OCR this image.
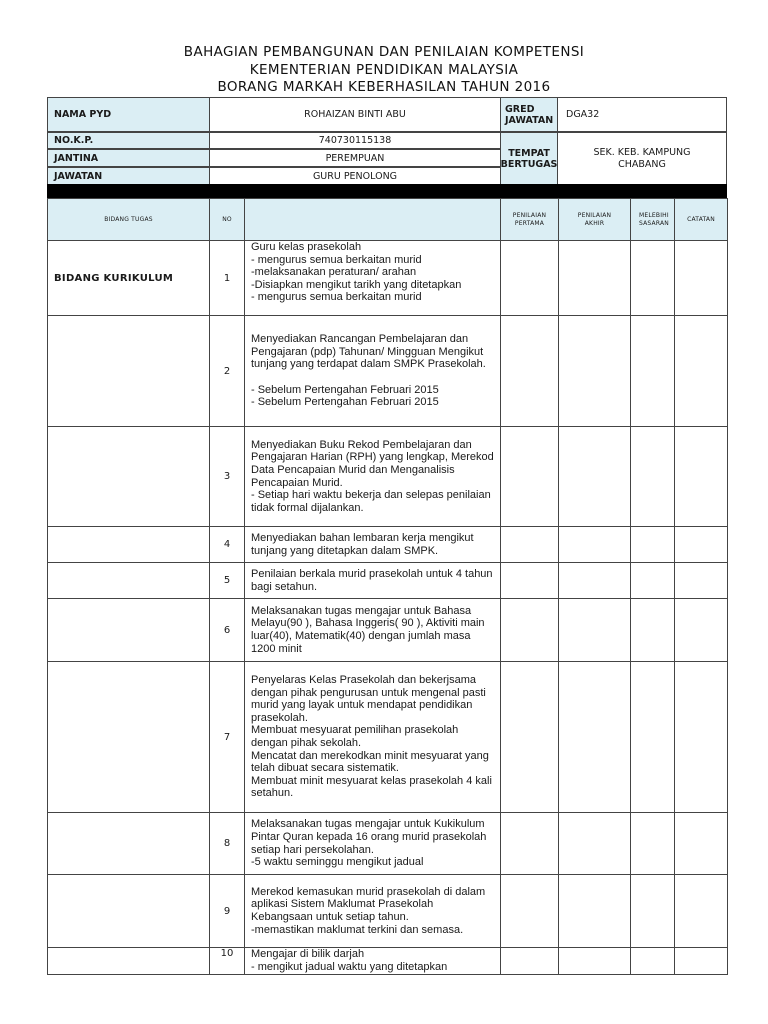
BAHAGIAN PEMBANGUNAN DAN PENILAIAN KOMPETENSI
KEMENTERIAN PENDIDIKAN MALAYSIA
BORANG MARKAH KEBERHASILAN TAHUN 2016
NAMA PYD	ROHAIZAN BINTI ABU	GRED JAWATAN	DGA32
NO.K.P.	740730115138
JANTINA	PEREMPUAN
JAWATAN	GURU PENOLONG
TEMPAT BERTUGAS
SEK. KEB. KAMPUNG CHABANG
BIDANG TUGAS	NO		PENILAIAN PERTAMA	PENILAIAN AKHIR	MELEBIHI SASARAN	CATATAN
BIDANG KURIKULUM	1	Guru kelas prasekolah
- mengurus semua berkaitan murid
-melaksanakan peraturan/ arahan
-Disiapkan mengikut tarikh yang ditetapkan
- mengurus semua berkaitan murid				
	2	Menyediakan Rancangan Pembelajaran dan Pengajaran (pdp) Tahunan/ Mingguan Mengikut tunjang yang terdapat dalam SMPK Prasekolah.

- Sebelum Pertengahan Februari 2015
- Sebelum Pertengahan Februari 2015				
	3	Menyediakan Buku Rekod Pembelajaran dan Pengajaran Harian (RPH) yang lengkap, Merekod Data Pencapaian Murid dan Menganalisis Pencapaian Murid.
- Setiap hari waktu bekerja dan selepas penilaian tidak formal dijalankan.				
	4	Menyediakan bahan lembaran kerja mengikut tunjang yang ditetapkan dalam SMPK.				
	5	Penilaian berkala murid prasekolah untuk 4 tahun bagi setahun.				
	6	Melaksanakan tugas mengajar untuk Bahasa Melayu(90 ), Bahasa Inggeris( 90 ), Aktiviti main luar(40), Matematik(40) dengan jumlah masa 1200 minit				
	7	Penyelaras Kelas Prasekolah dan bekerjsama dengan pihak pengurusan untuk mengenal pasti murid yang layak untuk mendapat pendidikan prasekolah.
Membuat mesyuarat pemilihan prasekolah dengan pihak sekolah.
Mencatat dan merekodkan minit mesyuarat yang telah dibuat secara sistematik.
Membuat minit mesyuarat kelas prasekolah 4 kali setahun.				
	8	Melaksanakan tugas mengajar untuk Kukikulum Pintar Quran kepada 16 orang murid prasekolah setiap hari persekolahan.
-5 waktu seminggu mengikut jadual				
	9	Merekod kemasukan murid prasekolah di dalam aplikasi Sistem Maklumat Prasekolah Kebangsaan untuk setiap tahun.
-memastikan maklumat terkini dan semasa.				
	10	Mengajar di bilik darjah
- mengikut jadual waktu yang ditetapkan				
